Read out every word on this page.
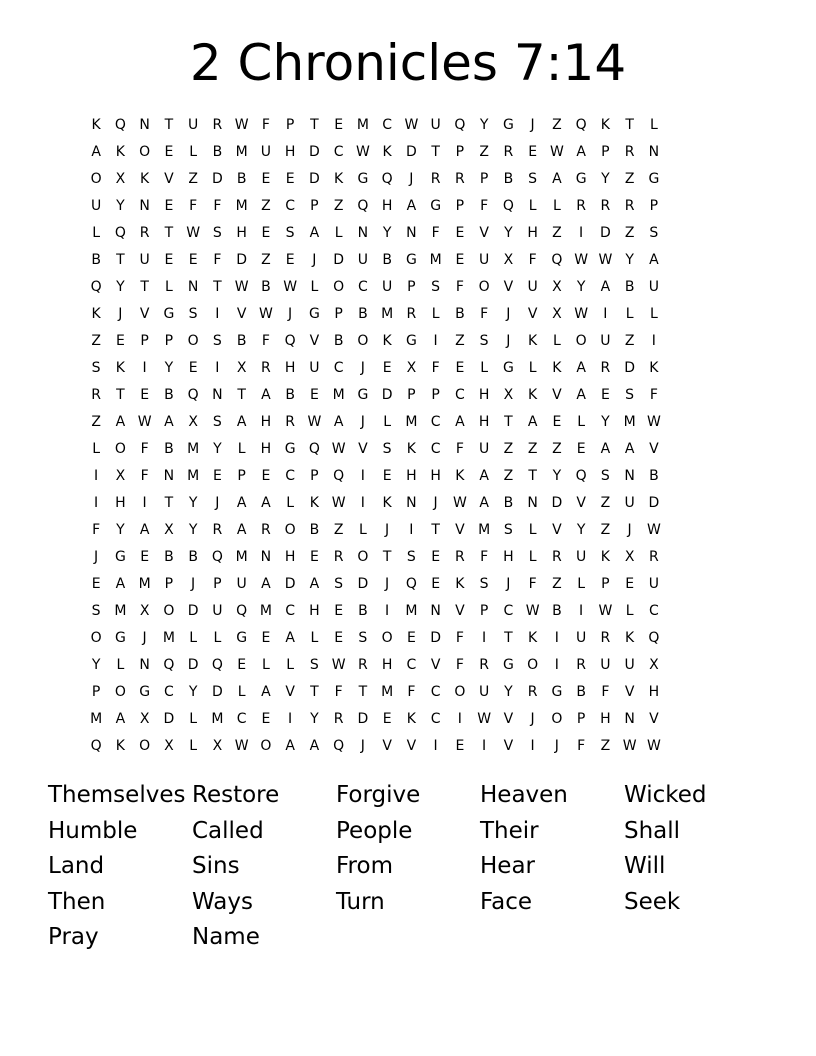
2 Chronicles 7:14
K	Q N	T	U	R W F	P	T	E M C W U Q	Y	G	J	Z Q	K	T	L
A	K	O	E	L	B M U H D C W K	D	T	P	Z	R	E W A	P	R	N
O X	K	V	Z	D	B	E	E	D	K	G Q	J	R	R	P	B	S	A	G	Y	Z	G
U	Y	N	E	F	F	M Z	C	P	Z Q H	A	G	P	F	Q	L	L	R	R	R	P
L	Q R	T W S	H	E	S	A	L	N	Y	N	F	E	V	Y	H	Z	I	D	Z	S
B	T	U	E	E	F	D	Z	E	J	D U	B	G M E	U	X	F	Q W W Y	A
Q	Y	T	L	N	T W B W L	O C	U	P	S	F	O V	U	X	Y	A	B	U
K	J	V	G	S	I	V W	J	G	P	B M R	L	B	F	J	V	X W	I	L	L
Z	E	P	P	O	S	B	F	Q V	B O	K	G	I	Z	S	J	K	L	O U	Z	I
S	K	I	Y	E	I	X	R	H U	C	J	E	X	F	E	L	G	L	K	A	R	D	K
R	T	E	B Q N	T	A	B	E M G D	P	P	C	H	X	K	V	A	E	S	F
Z	A W A	X	S	A	H	R W A	J	L	M C	A	H	T	A	E	L	Y M W
L	O	F	B M Y	L	H G Q W V	S	K	C	F	U	Z	Z	Z	E	A	A	V
I	X	F	N M E	P	E	C	P	Q	I	E	H H	K	A	Z	T	Y	Q	S	N	B
I	H	I	T	Y	J	A	A	L	K W	I	K	N	J	W A	B	N D	V	Z	U D
F	Y	A	X	Y	R	A	R O B	Z	L	J	I	T	V M S	L	V	Y	Z	J	W
J	G	E	B	B Q M N H	E	R O	T	S	E	R	F	H	L	R	U	K	X	R
E	A M P	J	P	U	A	D	A	S	D	J	Q	E	K	S	J	F	Z	L	P	E	U
S M X O D U Q M C	H	E	B	I	M N	V	P	C W B	I	W L	C
O G	J	M	L	L	G	E	A	L	E	S	O	E	D	F	I	T	K	I	U	R	K	Q
Y	L	N Q D Q	E	L	L	S W R	H	C	V	F	R G O	I	R	U	U	X
P	O G C	Y	D	L	A	V	T	F	T M	F	C O U	Y	R G	B	F	V	H
M A	X	D	L	M C	E	I	Y	R	D	E	K	C	I	W V	J	O	P	H N	V
Q	K	O X	L	X W O A	A Q	J	V	V	I	E	I	V	I	J	F	Z W W
Themselves Restore	Forgive	Heaven	Wicked
Humble	Called	People	Their	Shall
Land	Sins	From	Hear	Will
Then	Ways	Turn	Face	Seek
Pray	Name
